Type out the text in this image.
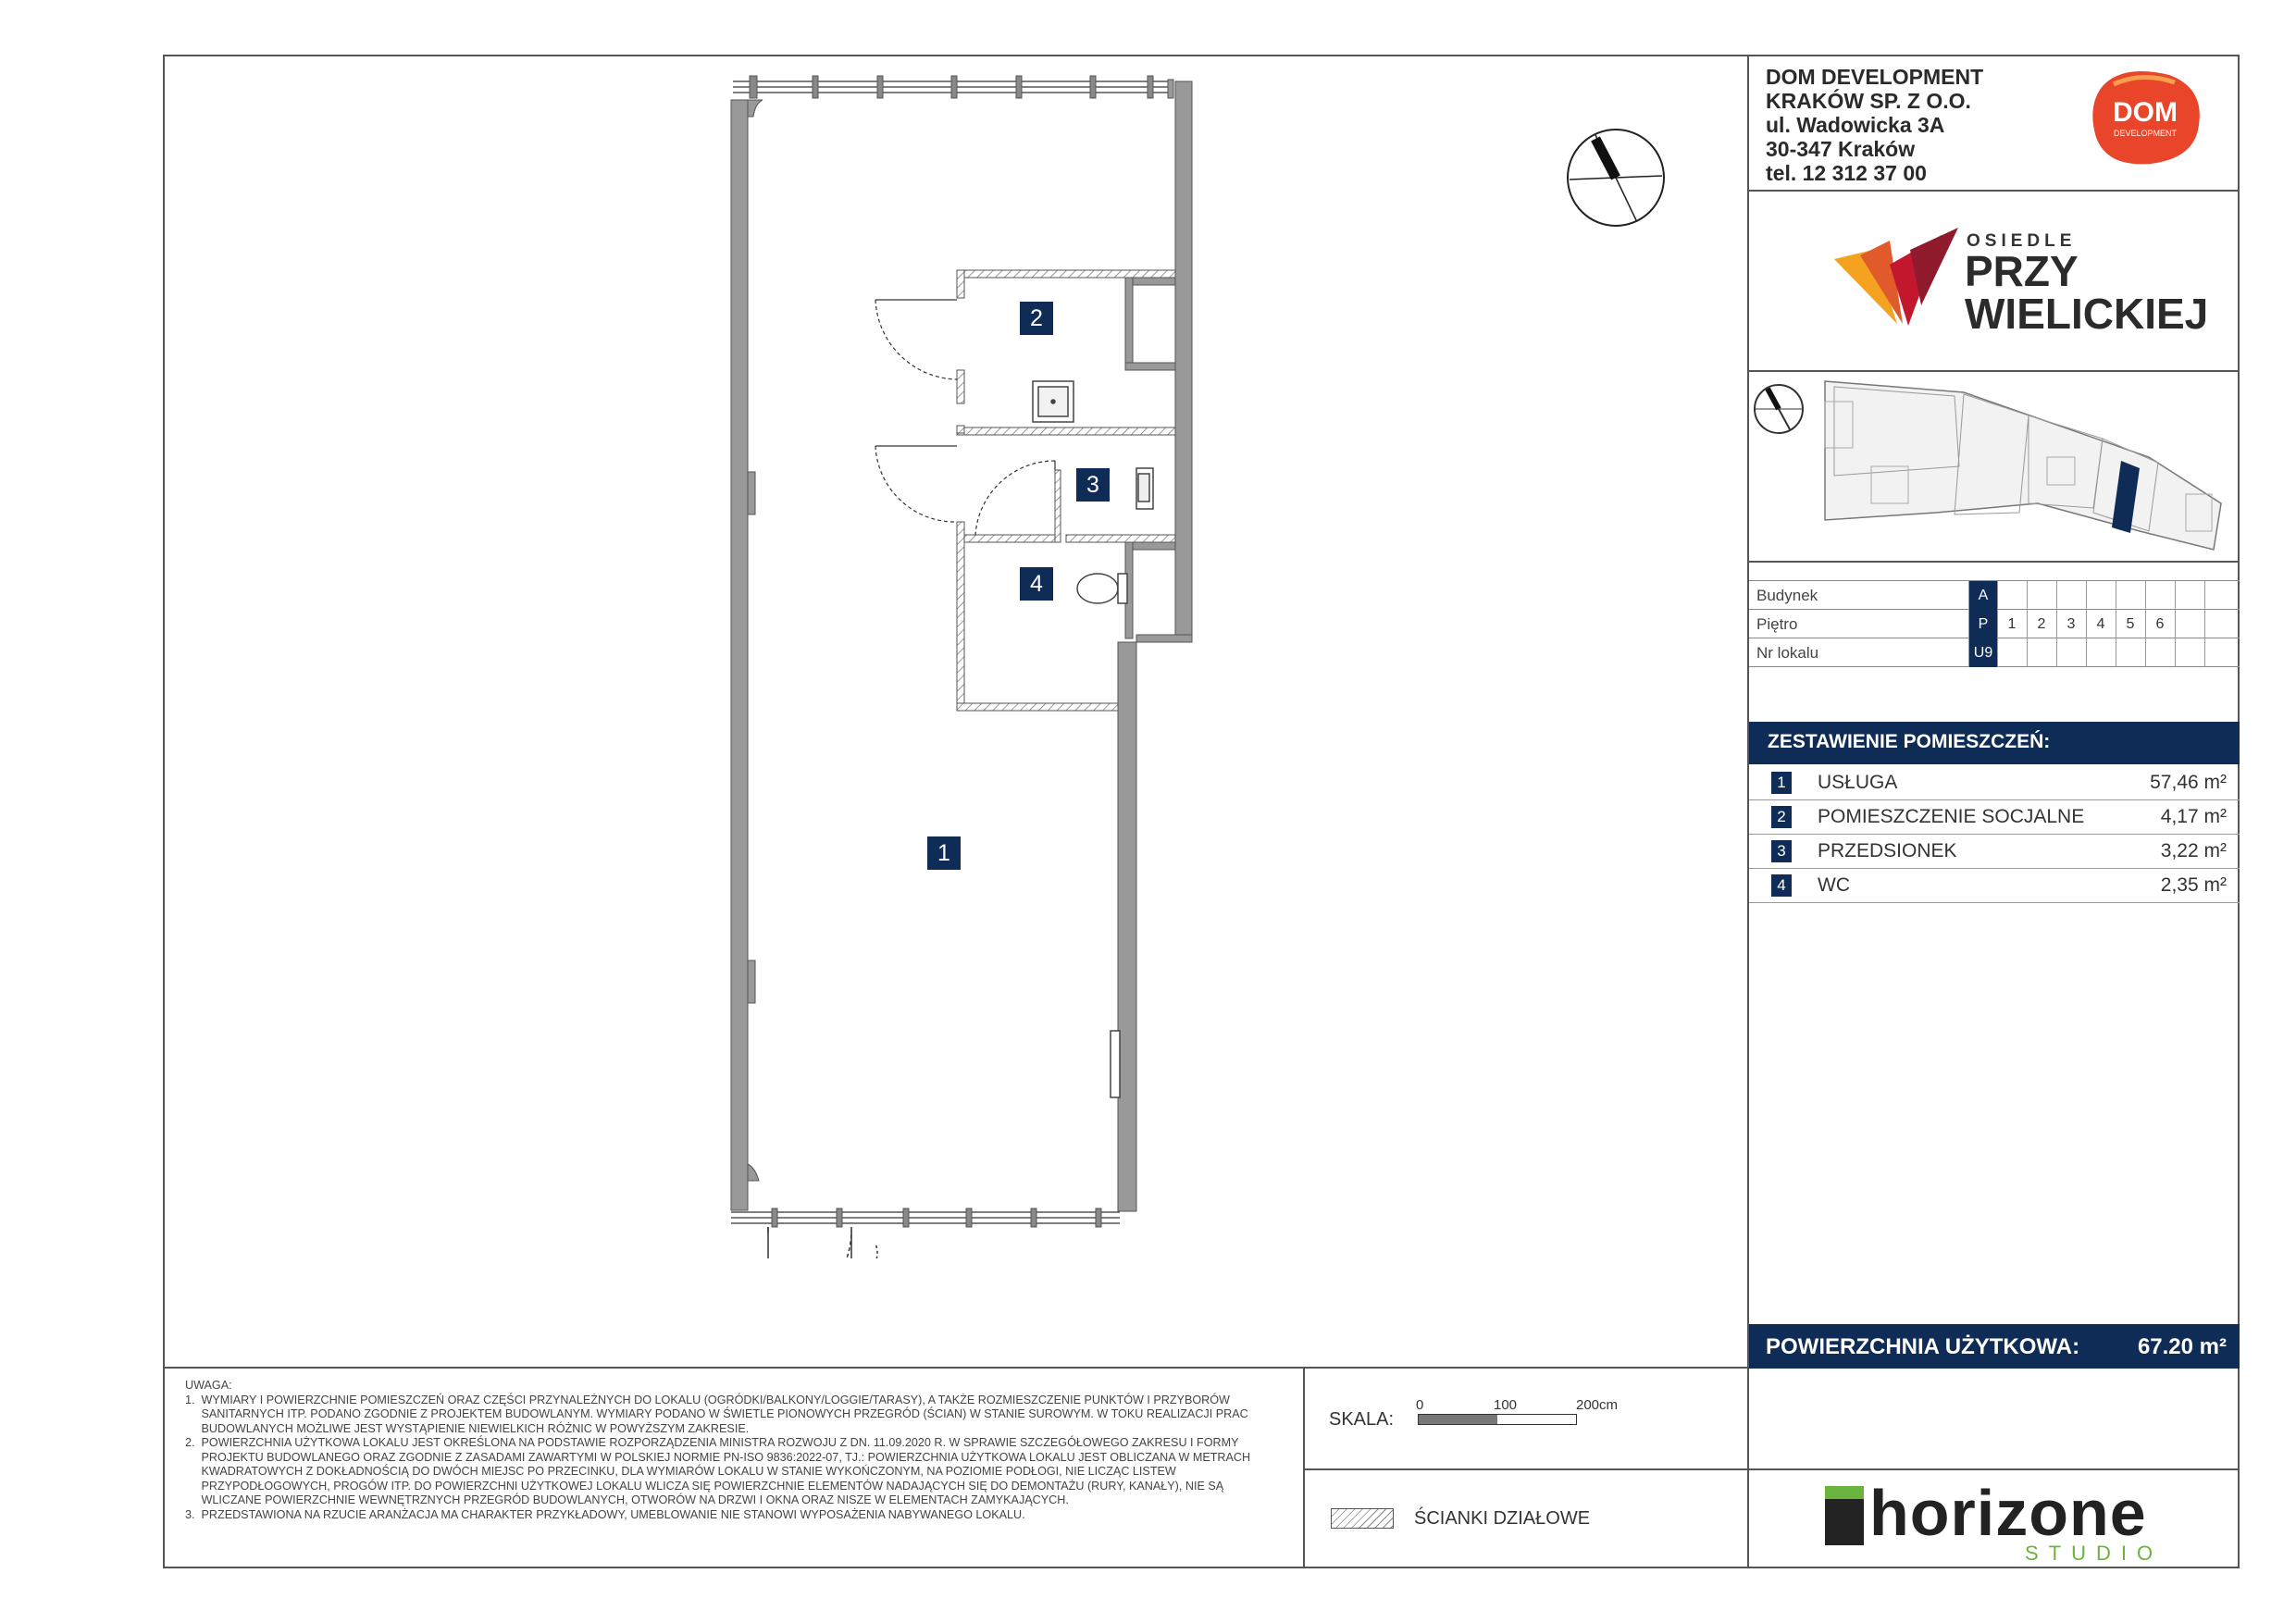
DOM DEVELOPMENT
KRAKÓW SP. Z O.O.
ul. Wadowicka 3A
30-347 Kraków
tel. 12 312 37 00
DOM
DEVELOPMENT
OSIEDLE
PRZY
WIELICKIEJ
Budynek	A
Piętro	P	1	2	3	4	5	6
Nr lokalu	U9
ZESTAWIENIE POMIESZCZEŃ:
1 USŁUGA	57,46 m²
2 POMIESZCZENIE SOCJALNE	4,17 m²
3 PRZEDSIONEK	3,22 m²
4 WC	2,35 m²
POWIERZCHNIA UŻYTKOWA:	67.20 m²
UWAGA:
1.  WYMIARY I POWIERZCHNIE POMIESZCZEŃ ORAZ CZĘŚCI PRZYNALEŻNYCH DO LOKALU (OGRÓDKI/BALKONY/LOGGIE/TARASY), A TAKŻE ROZMIESZCZENIE PUNKTÓW I PRZYBORÓW
SANITARNYCH ITP. PODANO ZGODNIE Z PROJEKTEM BUDOWLANYM. WYMIARY PODANO W ŚWIETLE PIONOWYCH PRZEGRÓD (ŚCIAN) W STANIE SUROWYM. W TOKU REALIZACJI PRAC
BUDOWLANYCH MOŻLIWE JEST WYSTĄPIENIE NIEWIELKICH RÓŻNIC W POWYŻSZYM ZAKRESIE.
2.  POWIERZCHNIA UŻYTKOWA LOKALU JEST OKREŚLONA NA PODSTAWIE ROZPORZĄDZENIA MINISTRA ROZWOJU Z DN. 11.09.2020 R. W SPRAWIE SZCZEGÓŁOWEGO ZAKRESU I FORMY
PROJEKTU BUDOWLANEGO ORAZ ZGODNIE Z ZASADAMI ZAWARTYMI W POLSKIEJ NORMIE PN-ISO 9836:2022-07, TJ.: POWIERZCHNIA UŻYTKOWA LOKALU JEST OBLICZANA W METRACH
KWADRATOWYCH Z DOKŁADNOŚCIĄ DO DWÓCH MIEJSC PO PRZECINKU, DLA WYMIARÓW LOKALU W STANIE WYKOŃCZONYM, NA POZIOMIE PODŁOGI, NIE LICZĄC LISTEW
PRZYPODŁOGOWYCH, PROGÓW ITP. DO POWIERZCHNI UŻYTKOWEJ LOKALU WLICZA SIĘ POWIERZCHNIE ELEMENTÓW NADAJĄCYCH SIĘ DO DEMONTAŻU (RURY, KANAŁY), NIE SĄ
WLICZANE POWIERZCHNIE WEWNĘTRZNYCH PRZEGRÓD BUDOWLANYCH, OTWORÓW NA DRZWI I OKNA ORAZ NISZE W ELEMENTACH ZAMYKAJĄCYCH.
3.  PRZEDSTAWIONA NA RZUCIE ARANŻACJA MA CHARAKTER PRZYKŁADOWY, UMEBLOWANIE NIE STANOWI WYPOSAŻENIA NABYWANEGO LOKALU.
SKALA:
0	100	200cm
ŚCIANKI DZIAŁOWE	horizone
STUDIO
2
3
4
1
